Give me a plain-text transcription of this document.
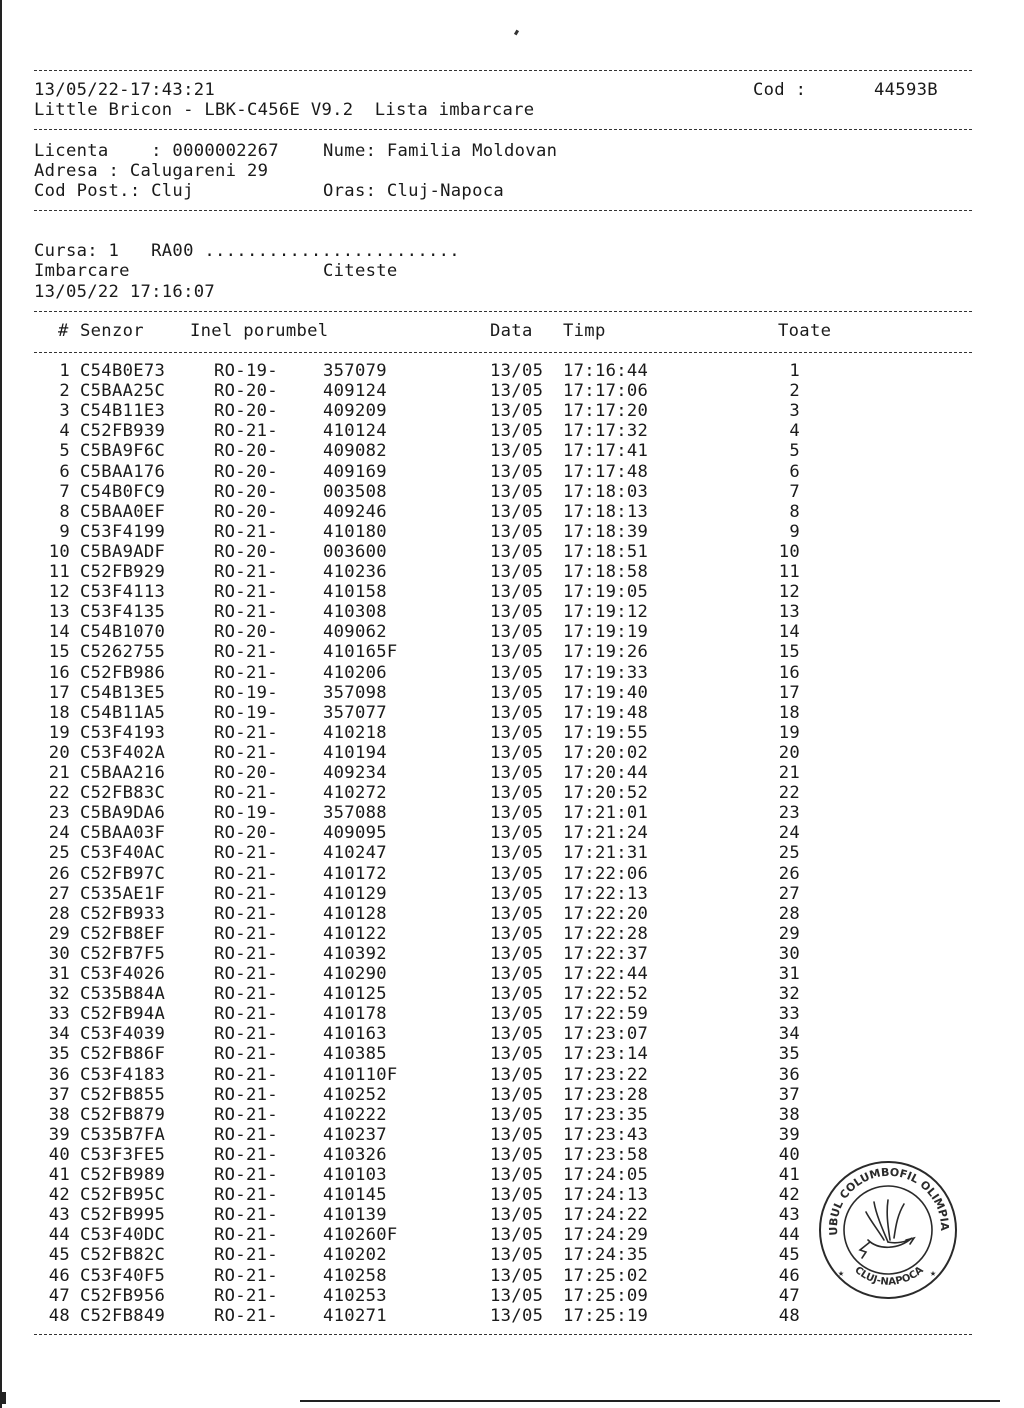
13/05/22-17:43:21	Cod :	44593B
Little Bricon - LBK-C456E V9.2  Lista imbarcare
Licenta    : 0000002267	Nume: Familia Moldovan
Adresa : Calugareni 29
Cod Post.: Cluj	Oras: Cluj-Napoca
Cursa: 1   RA00 ........................
Imbarcare	Citeste
13/05/22 17:16:07
# Senzor	Inel porumbel	Data Timp	Toate
1 C54B0E73	RO-19-	357079	13/05 17:16:44	1
2 C5BAA25C	RO-20-	409124	13/05 17:17:06	2
3 C54B11E3	RO-20-	409209	13/05 17:17:20	3
4 C52FB939	RO-21-	410124	13/05 17:17:32	4
5 C5BA9F6C	RO-20-	409082	13/05 17:17:41	5
6 C5BAA176	RO-20-	409169	13/05 17:17:48	6
7 C54B0FC9	RO-20-	003508	13/05 17:18:03	7
8 C5BAA0EF	RO-20-	409246	13/05 17:18:13	8
9 C53F4199	RO-21-	410180	13/05 17:18:39	9
10 C5BA9ADF	RO-20-	003600	13/05 17:18:51	10
11 C52FB929	RO-21-	410236	13/05 17:18:58	11
12 C53F4113	RO-21-	410158	13/05 17:19:05	12
13 C53F4135	RO-21-	410308	13/05 17:19:12	13
14 C54B1070	RO-20-	409062	13/05 17:19:19	14
15 C5262755	RO-21-	410165F	13/05 17:19:26	15
16 C52FB986	RO-21-	410206	13/05 17:19:33	16
17 C54B13E5	RO-19-	357098	13/05 17:19:40	17
18 C54B11A5	RO-19-	357077	13/05 17:19:48	18
19 C53F4193	RO-21-	410218	13/05 17:19:55	19
20 C53F402A	RO-21-	410194	13/05 17:20:02	20
21 C5BAA216	RO-20-	409234	13/05 17:20:44	21
22 C52FB83C	RO-21-	410272	13/05 17:20:52	22
23 C5BA9DA6	RO-19-	357088	13/05 17:21:01	23
24 C5BAA03F	RO-20-	409095	13/05 17:21:24	24
25 C53F40AC	RO-21-	410247	13/05 17:21:31	25
26 C52FB97C	RO-21-	410172	13/05 17:22:06	26
27 C535AE1F	RO-21-	410129	13/05 17:22:13	27
28 C52FB933	RO-21-	410128	13/05 17:22:20	28
29 C52FB8EF	RO-21-	410122	13/05 17:22:28	29
30 C52FB7F5	RO-21-	410392	13/05 17:22:37	30
31 C53F4026	RO-21-	410290	13/05 17:22:44	31
32 C535B84A	RO-21-	410125	13/05 17:22:52	32
33 C52FB94A	RO-21-	410178	13/05 17:22:59	33
34 C53F4039	RO-21-	410163	13/05 17:23:07	34
35 C52FB86F	RO-21-	410385	13/05 17:23:14	35
36 C53F4183	RO-21-	410110F	13/05 17:23:22	36
37 C52FB855	RO-21-	410252	13/05 17:23:28	37
38 C52FB879	RO-21-	410222	13/05 17:23:35	38
39 C535B7FA	RO-21-	410237	13/05 17:23:43	39
40 C53F3FE5	RO-21-	410326	13/05 17:23:58	40
41 C52FB989	RO-21-	410103	13/05 17:24:05	41
42 C52FB95C	RO-21-	410145	13/05 17:24:13	42
43 C52FB995	RO-21-	410139	13/05 17:24:22	43
44 C53F40DC	RO-21-	410260F	13/05 17:24:29	44
45 C52FB82C	RO-21-	410202	13/05 17:24:35	45
46 C53F40F5	RO-21-	410258	13/05 17:25:02	46
47 C52FB956	RO-21-	410253	13/05 17:25:09	47
48 C52FB849	RO-21-	410271	13/05 17:25:19	48
UBUL COLUMBOFIL OLIMPIA
CLUJ-NAPOCA
★	★
